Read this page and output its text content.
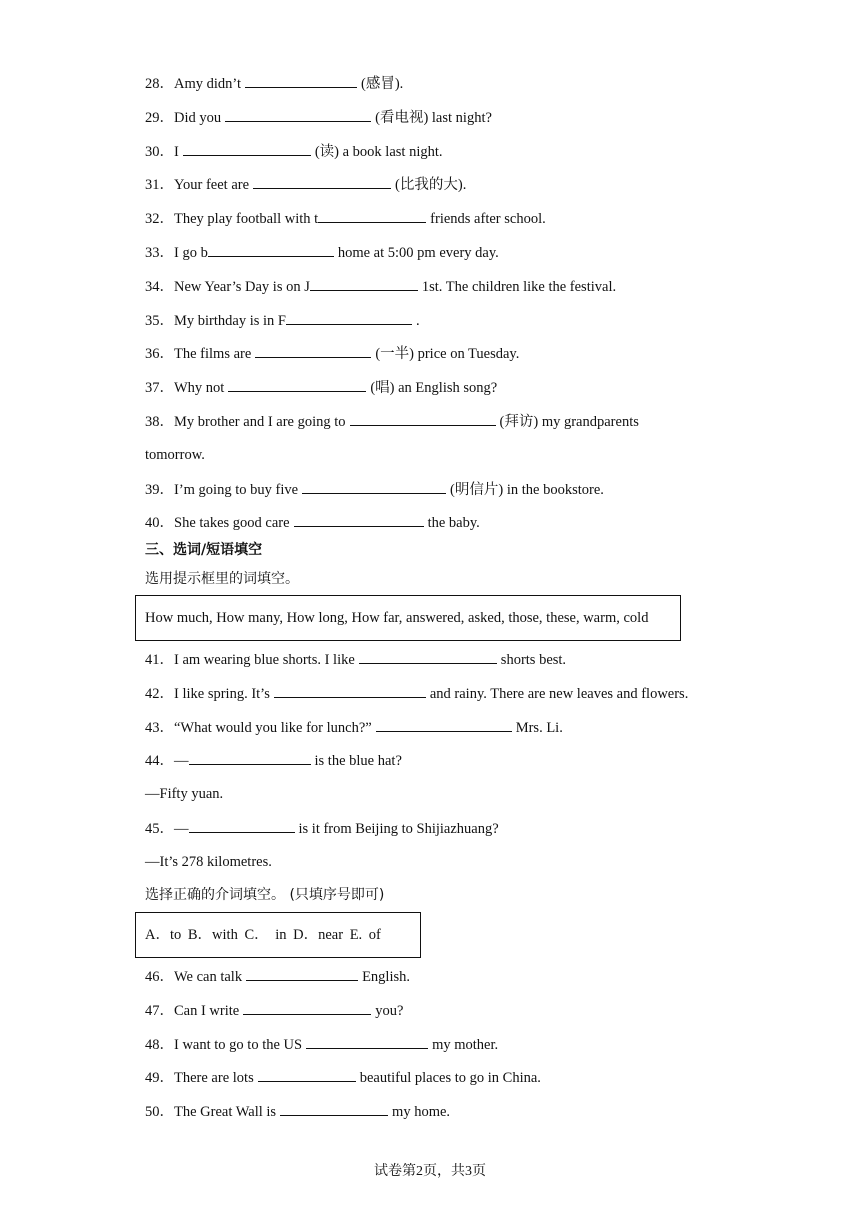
28．Amy didn’t	(感冒).
29．Did you	(看电视) last night?
30．I	(读) a book last night.
31．Your feet are	(比我的大).
32．They play football with t	friends after school.
33．I go b	home at 5:00 pm every day.
34．New Year’s Day is on J	1st. The children like the festival.
35．My birthday is in F	.
36．The films are	(一半) price on Tuesday.
37．Why not	(唱) an English song?
38．My brother and I are going to	(拜访) my grandparents
tomorrow.
39．I’m going to buy five	(明信片) in the bookstore.
40．She takes good care	the baby.
三、选词/短语填空
选用提示框里的词填空。
How much, How many, How long, How far, answered, asked, those, these, warm, cold
41．I am wearing blue shorts. I like	shorts best.
42．I like spring. It’s	and rainy. There are new leaves and flowers.
43．“What would you like for lunch?”	Mrs. Li.
44．—	is the blue hat?
—Fifty yuan.
45．—	is it from Beijing to Shijiazhuang?
—It’s 278 kilometres.
选择正确的介词填空。 (只填序号即可)
A．to B．with C． in D．near E. of
46．We can talk	English.
47．Can I write	you?
48．I want to go to the US	my mother.
49．There are lots	beautiful places to go in China.
50．The Great Wall is	my home.
试卷第2页，共3页
